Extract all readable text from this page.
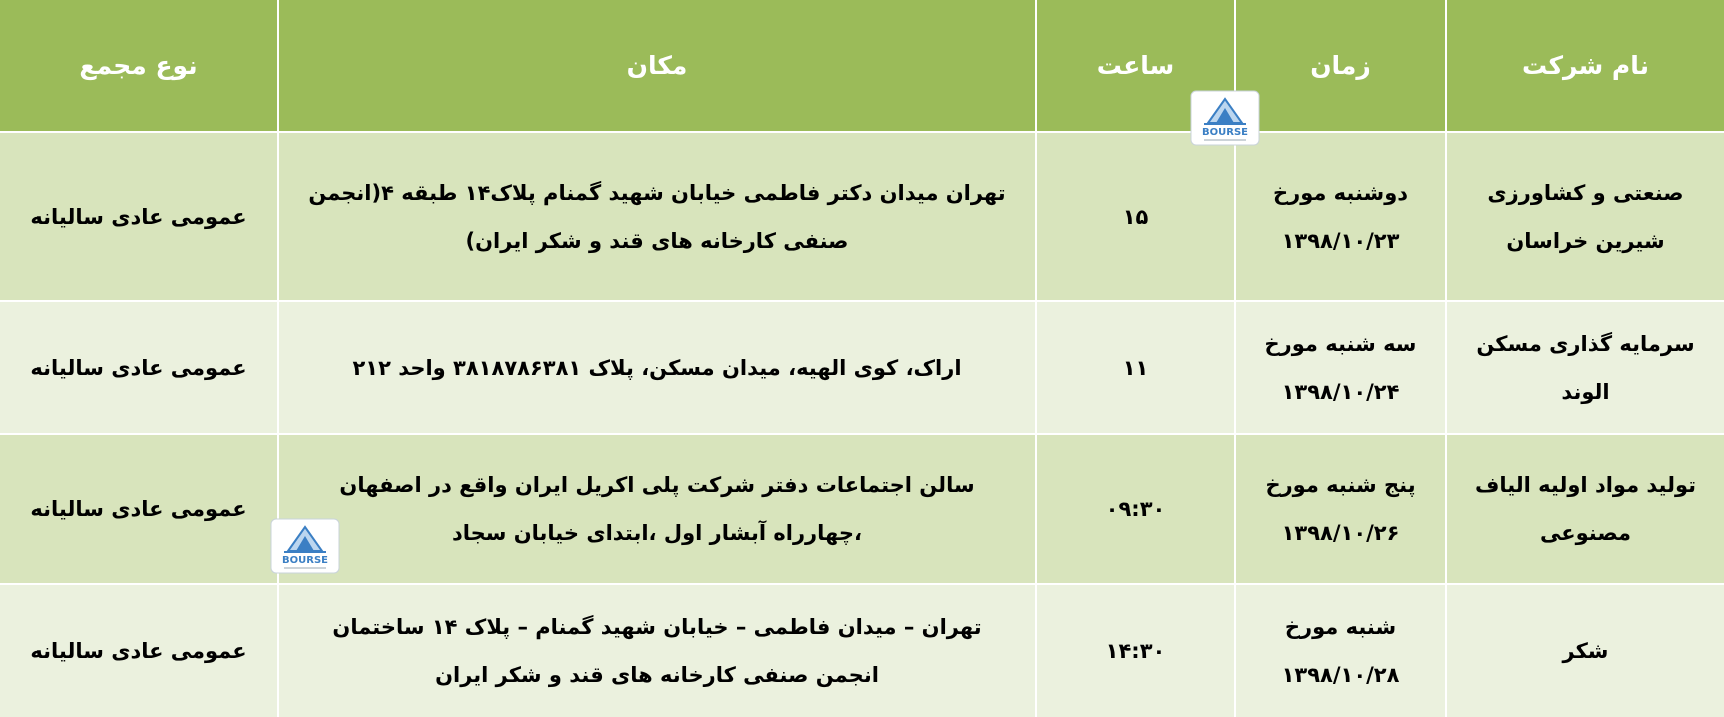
نام شرکت
زمان
ساعت
مکان
نوع مجمع
صنعتی و کشاورزی شیرین خراسان
دوشنبه مورخ
۱۳۹۸/۱۰/۲۳
۱۵
تهران میدان دکتر فاطمی خیابان شهید گمنام پلاک۱۴ طبقه ۴(انجمن صنفی کارخانه های قند و شکر ایران)
عمومی عادی سالیانه
سرمایه گذاری مسکن الوند
سه شنبه مورخ
۱۳۹۸/۱۰/۲۴
۱۱
اراک، کوی الهیه، میدان مسکن، پلاک ۳۸۱۸۷۸۶۳۸۱ واحد ۲۱۲
عمومی عادی سالیانه
تولید مواد اولیه الیاف مصنوعی
پنج شنبه مورخ
۱۳۹۸/۱۰/۲۶
۰۹:۳۰
سالن اجتماعات دفتر شرکت پلی اکریل ایران واقع در اصفهان ،چهارراه آبشار اول ،ابتدای خیابان سجاد
عمومی عادی سالیانه
شکر
شنبه مورخ
۱۳۹۸/۱۰/۲۸
۱۴:۳۰
تهران – میدان فاطمی – خیابان شهید گمنام – پلاک ۱۴ ساختمان انجمن صنفی کارخانه های قند و شکر ایران
عمومی عادی سالیانه
BOURSE
BOURSE
